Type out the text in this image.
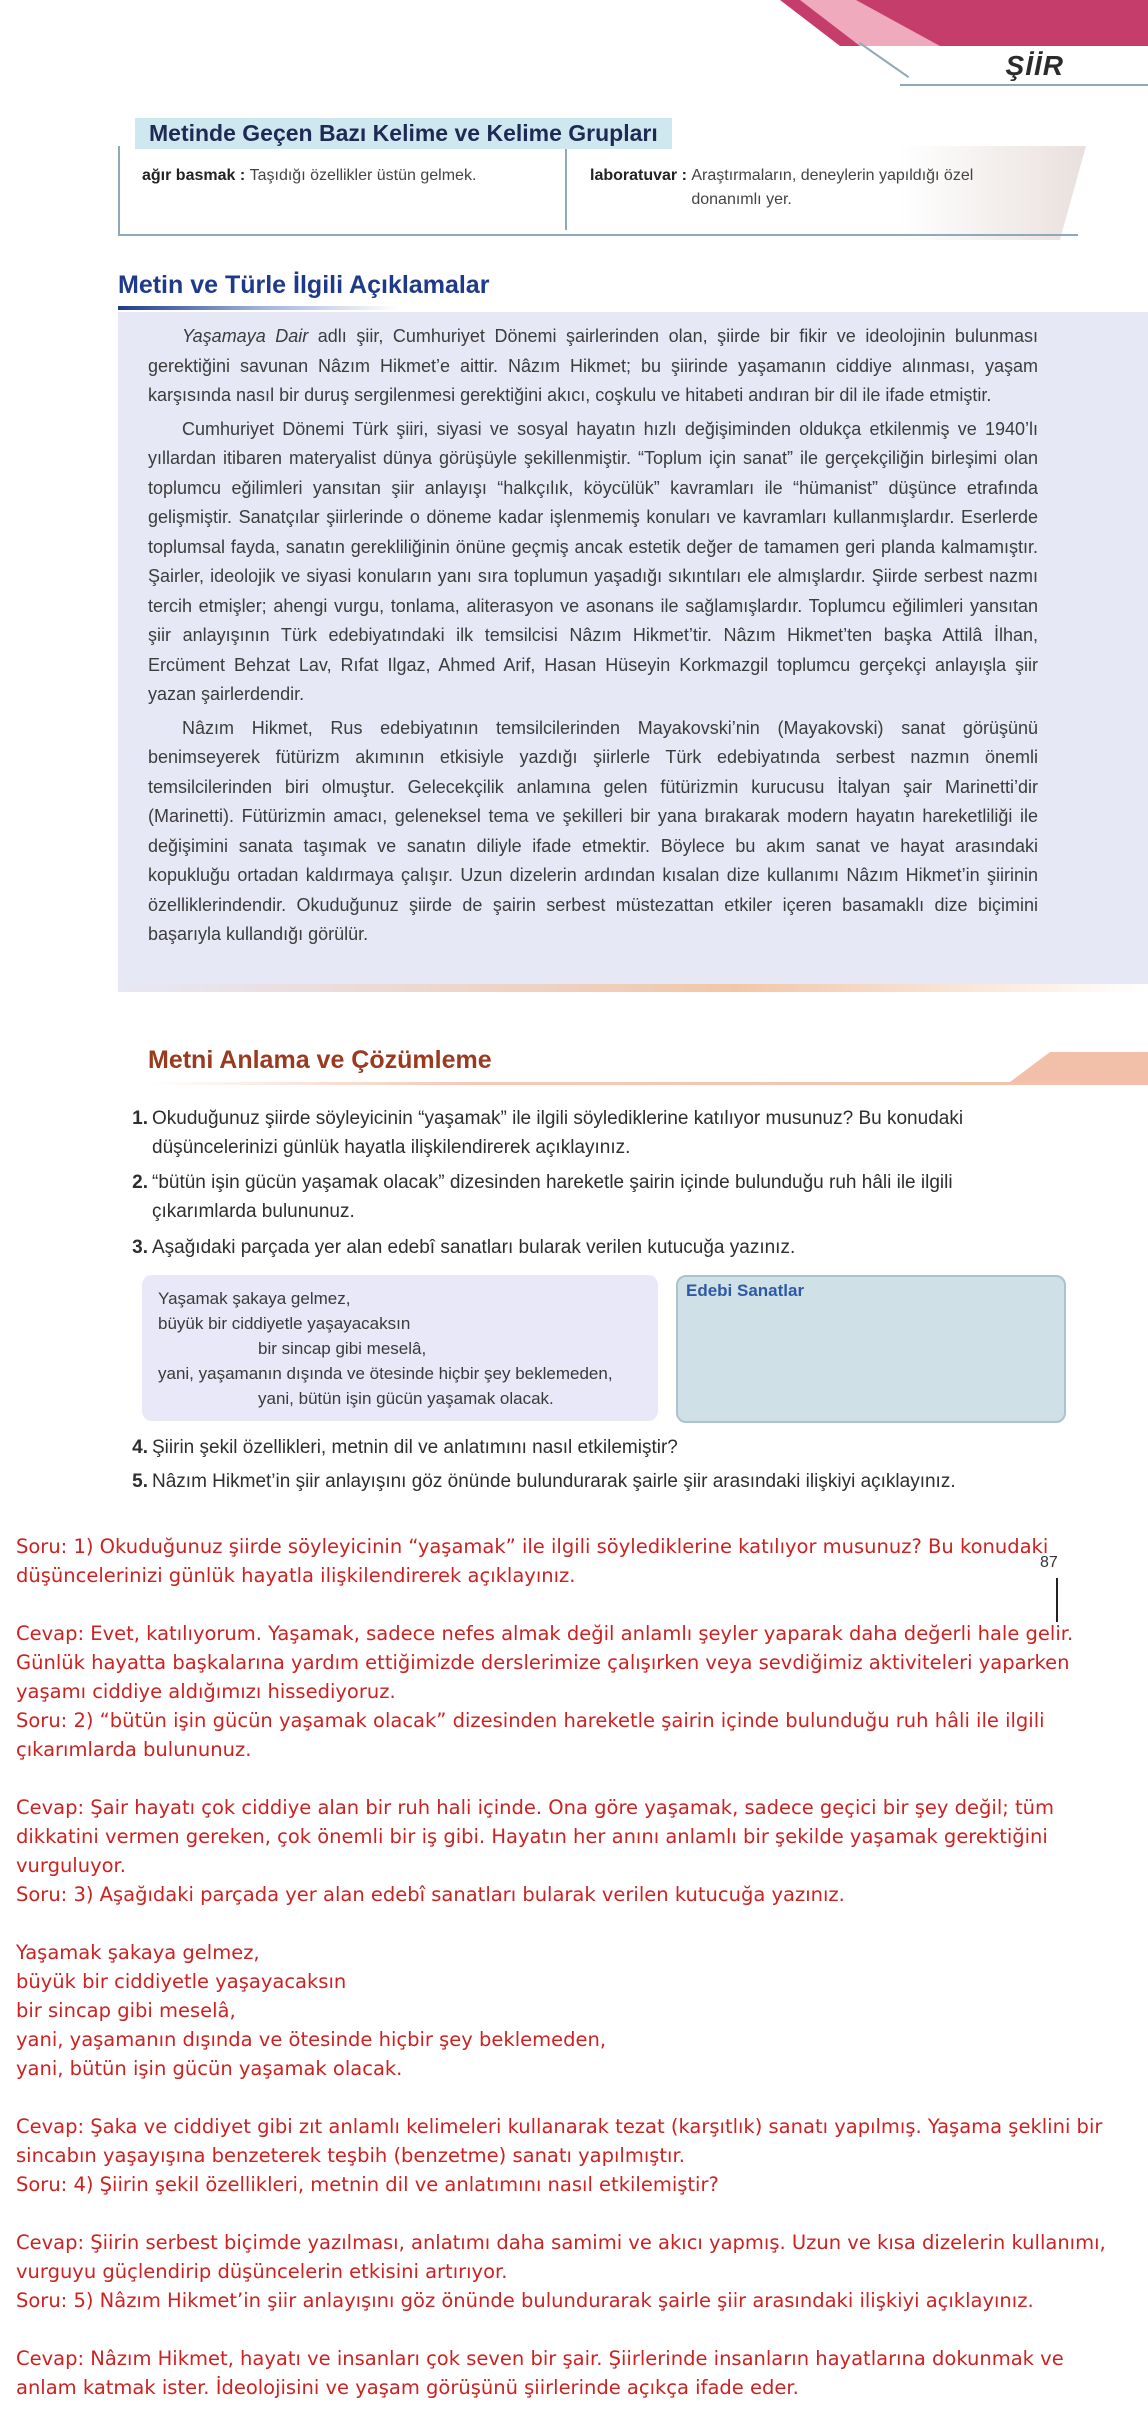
ŞİİR
Metinde Geçen Bazı Kelime ve Kelime Grupları
ağır basmak : Taşıdığı özellikler üstün gelmek.	laboratuvar : Araştırmaların, deneylerin yapıldığı özel donanımlı yer.
Metin ve Türle İlgili Açıklamalar

Yaşamaya Dair adlı şiir, Cumhuriyet Dönemi şairlerinden olan, şiirde bir fikir ve ideolojinin bulunması gerektiğini savunan Nâzım Hikmet’e aittir. Nâzım Hikmet; bu şiirinde yaşamanın ciddiye alınması, yaşam karşısında nasıl bir duruş sergilenmesi gerektiğini akıcı, coşkulu ve hitabeti andıran bir dil ile ifade etmiştir.

Cumhuriyet Dönemi Türk şiiri, siyasi ve sosyal hayatın hızlı değişiminden oldukça etkilenmiş ve 1940’lı yıllardan itibaren materyalist dünya görüşüyle şekillenmiştir. “Toplum için sanat” ile gerçekçiliğin birleşimi olan toplumcu eğilimleri yansıtan şiir anlayışı “halkçılık, köycülük” kavramları ile “hümanist” düşünce etrafında gelişmiştir. Sanatçılar şiirlerinde o döneme kadar işlenmemiş konuları ve kavramları kullanmışlardır. Eserlerde toplumsal fayda, sanatın gerekliliğinin önüne geçmiş ancak estetik değer de tamamen geri planda kalmamıştır. Şairler, ideolojik ve siyasi konuların yanı sıra toplumun yaşadığı sıkıntıları ele almışlardır. Şiirde serbest nazmı tercih etmişler; ahengi vurgu, tonlama, aliterasyon ve asonans ile sağlamışlardır. Toplumcu eğilimleri yansıtan şiir anlayışının Türk edebiyatındaki ilk temsilcisi Nâzım Hikmet’tir. Nâzım Hikmet’ten başka Attilâ İlhan, Ercüment Behzat Lav, Rıfat Ilgaz, Ahmed Arif, Hasan Hüseyin Korkmazgil toplumcu gerçekçi anlayışla şiir yazan şairlerdendir.

Nâzım Hikmet, Rus edebiyatının temsilcilerinden Mayakovski’nin (Mayakovski) sanat görüşünü benimseyerek fütürizm akımının etkisiyle yazdığı şiirlerle Türk edebiyatında serbest nazmın önemli temsilcilerinden biri olmuştur. Gelecekçilik anlamına gelen fütürizmin kurucusu İtalyan şair Marinetti’dir (Marinetti). Fütürizmin amacı, geleneksel tema ve şekilleri bir yana bırakarak modern hayatın hareketliliği ile değişimini sanata taşımak ve sanatın diliyle ifade etmektir. Böylece bu akım sanat ve hayat arasındaki kopukluğu ortadan kaldırmaya çalışır. Uzun dizelerin ardından kısalan dize kullanımı Nâzım Hikmet’in şiirinin özelliklerindendir. Okuduğunuz şiirde de şairin serbest müstezattan etkiler içeren basamaklı dize biçimini başarıyla kullandığı görülür.

Metni Anlama ve Çözümleme
1. Okuduğunuz şiirde söyleyicinin “yaşamak” ile ilgili söylediklerine katılıyor musunuz? Bu konudaki düşüncelerinizi günlük hayatla ilişkilendirerek açıklayınız.
2. “bütün işin gücün yaşamak olacak” dizesinden hareketle şairin içinde bulunduğu ruh hâli ile ilgili çıkarımlarda bulununuz.
3. Aşağıdaki parçada yer alan edebî sanatları bularak verilen kutucuğa yazınız.
Yaşamak şakaya gelmez,
büyük bir ciddiyetle yaşayacaksın
bir sincap gibi meselâ,
yani, yaşamanın dışında ve ötesinde hiçbir şey beklemeden,
yani, bütün işin gücün yaşamak olacak.
Edebi Sanatlar
4. Şiirin şekil özellikleri, metnin dil ve anlatımını nasıl etkilemiştir?
5. Nâzım Hikmet’in şiir anlayışını göz önünde bulundurarak şairle şiir arasındaki ilişkiyi açıklayınız.
87
Soru: 1) Okuduğunuz şiirde söyleyicinin “yaşamak” ile ilgili söylediklerine katılıyor musunuz? Bu konudaki düşüncelerinizi günlük hayatla ilişkilendirerek açıklayınız.
Cevap: Evet, katılıyorum. Yaşamak, sadece nefes almak değil anlamlı şeyler yaparak daha değerli hale gelir. Günlük hayatta başkalarına yardım ettiğimizde derslerimize çalışırken veya sevdiğimiz aktiviteleri yaparken yaşamı ciddiye aldığımızı hissediyoruz.
Soru: 2) “bütün işin gücün yaşamak olacak” dizesinden hareketle şairin içinde bulunduğu ruh hâli ile ilgili çıkarımlarda bulununuz.
Cevap: Şair hayatı çok ciddiye alan bir ruh hali içinde. Ona göre yaşamak, sadece geçici bir şey değil; tüm dikkatini vermen gereken, çok önemli bir iş gibi. Hayatın her anını anlamlı bir şekilde yaşamak gerektiğini vurguluyor.
Soru: 3) Aşağıdaki parçada yer alan edebî sanatları bularak verilen kutucuğa yazınız.
Yaşamak şakaya gelmez,
büyük bir ciddiyetle yaşayacaksın
bir sincap gibi meselâ,
yani, yaşamanın dışında ve ötesinde hiçbir şey beklemeden,
yani, bütün işin gücün yaşamak olacak.
Cevap: Şaka ve ciddiyet gibi zıt anlamlı kelimeleri kullanarak tezat (karşıtlık) sanatı yapılmış. Yaşama şeklini bir sincabın yaşayışına benzeterek teşbih (benzetme) sanatı yapılmıştır.
Soru: 4) Şiirin şekil özellikleri, metnin dil ve anlatımını nasıl etkilemiştir?
Cevap: Şiirin serbest biçimde yazılması, anlatımı daha samimi ve akıcı yapmış. Uzun ve kısa dizelerin kullanımı, vurguyu güçlendirip düşüncelerin etkisini artırıyor.
Soru: 5) Nâzım Hikmet’in şiir anlayışını göz önünde bulundurarak şairle şiir arasındaki ilişkiyi açıklayınız.
Cevap: Nâzım Hikmet, hayatı ve insanları çok seven bir şair. Şiirlerinde insanların hayatlarına dokunmak ve anlam katmak ister. İdeolojisini ve yaşam görüşünü şiirlerinde açıkça ifade eder.
